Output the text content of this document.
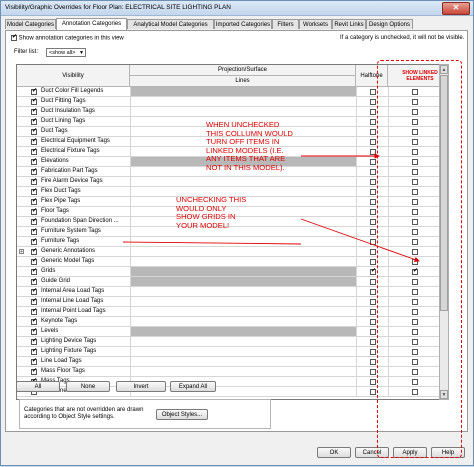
Visibility/Graphic Overrides for Floor Plan: ELECTRICAL SITE LIGHTING PLAN	✕
Model Categories	Annotation Categories	Analytical Model Categories	Imported Categories	Filters	Worksets	Revit Links Design Options
✔ Show annotation categories in this view	If a category is unchecked, it will not be visible.
Filter list:	<show all> ▼
Visibility
Projection/Surface
Lines
Halftone
✔
Duct Color Fill Legends
✔
Duct Fitting Tags
✔
Duct Insulation Tags
✔
Duct Lining Tags
✔
Duct Tags
✔
Electrical Equipment Tags
✔
Electrical Fixture Tags
✔
Elevations
✔
Fabrication Part Tags
✔
Fire Alarm Device Tags
✔
Flex Duct Tags
✔
Flex Pipe Tags
✔
Floor Tags
✔
Foundation Span Direction ...
✔
Furniture System Tags
✔
Furniture Tags
+
✔	Generic Annotations
✔
Generic Model Tags
✔
Grids
✔
✔
✔
Guide Grid
✔
Internal Area Load Tags
✔
Internal Line Load Tags
✔
Internal Point Load Tags
✔
Keynote Tags
✔
Levels
✔
Lighting Device Tags
✔
Lighting Fixture Tags
✔
Line Load Tags
✔
Mass Floor Tags
✔
Tags
✔
▲
▼
All	None	Invert	Expand All
Categories that are not overridden are drawn
according to Object Style settings.	Object Styles...
OK	Cancel	Apply	Help
SHOW LINKED
ELEMENTS
WHEN UNCHECKED
THIS COLLUMN WOULD
TURN OFF ITEMS IN
LINKED MODELS (I.E.
ANY ITEMS THAT ARE
NOT IN THIS MODEL).
UNCHECKING THIS
WOULD ONLY
SHOW GRIDS IN
YOUR MODEL!
